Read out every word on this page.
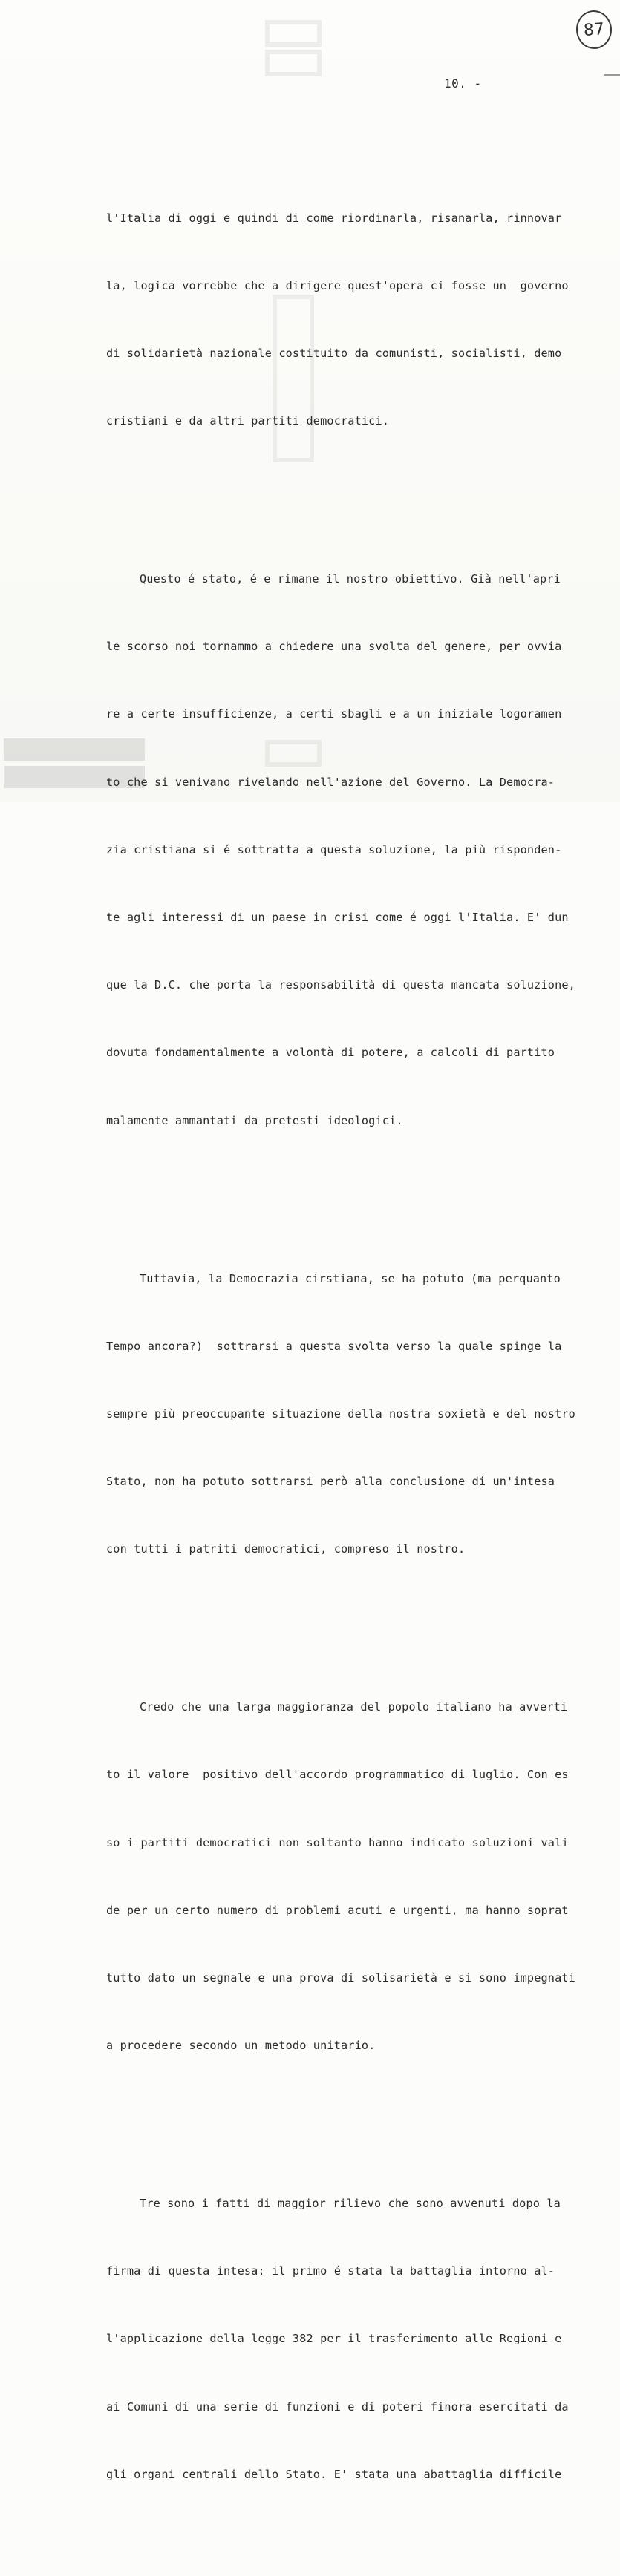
87
10. -

l'Italia di oggi e quindi di come riordinarla, risanarla, rinnovar

la, logica vorrebbe che a dirigere quest'opera ci fosse un  governo

di solidarietà nazionale costituito da comunisti, socialisti, demo

cristiani e da altri partiti democratici.

Questo é stato, é e rimane il nostro obiettivo. Già nell'apri

le scorso noi tornammo a chiedere una svolta del genere, per ovvia

re a certe insufficienze, a certi sbagli e a un iniziale logoramen

to che si venivano rivelando nell'azione del Governo. La Democra-

zia cristiana si é sottratta a questa soluzione, la più risponden-

te agli interessi di un paese in crisi come é oggi l'Italia. E' dun

que la D.C. che porta la responsabilità di questa mancata soluzione,

dovuta fondamentalmente a volontà di potere, a calcoli di partito

malamente ammantati da pretesti ideologici.

Tuttavia, la Democrazia cirstiana, se ha potuto (ma perquanto

Tempo ancora?)  sottrarsi a questa svolta verso la quale spinge la

sempre più preoccupante situazione della nostra soxietà e del nostro

Stato, non ha potuto sottrarsi però alla conclusione di un'intesa

con tutti i patriti democratici, compreso il nostro.

Credo che una larga maggioranza del popolo italiano ha avverti

to il valore  positivo dell'accordo programmatico di luglio. Con es

so i partiti democratici non soltanto hanno indicato soluzioni vali

de per un certo numero di problemi acuti e urgenti, ma hanno soprat

tutto dato un segnale e una prova di solisarietà e si sono impegnati

a procedere secondo un metodo unitario.

Tre sono i fatti di maggior rilievo che sono avvenuti dopo la

firma di questa intesa: il primo é stata la battaglia intorno al-

l'applicazione della legge 382 per il trasferimento alle Regioni e

ai Comuni di una serie di funzioni e di poteri finora esercitati da

gli organi centrali dello Stato. E' stata una abattaglia difficile
